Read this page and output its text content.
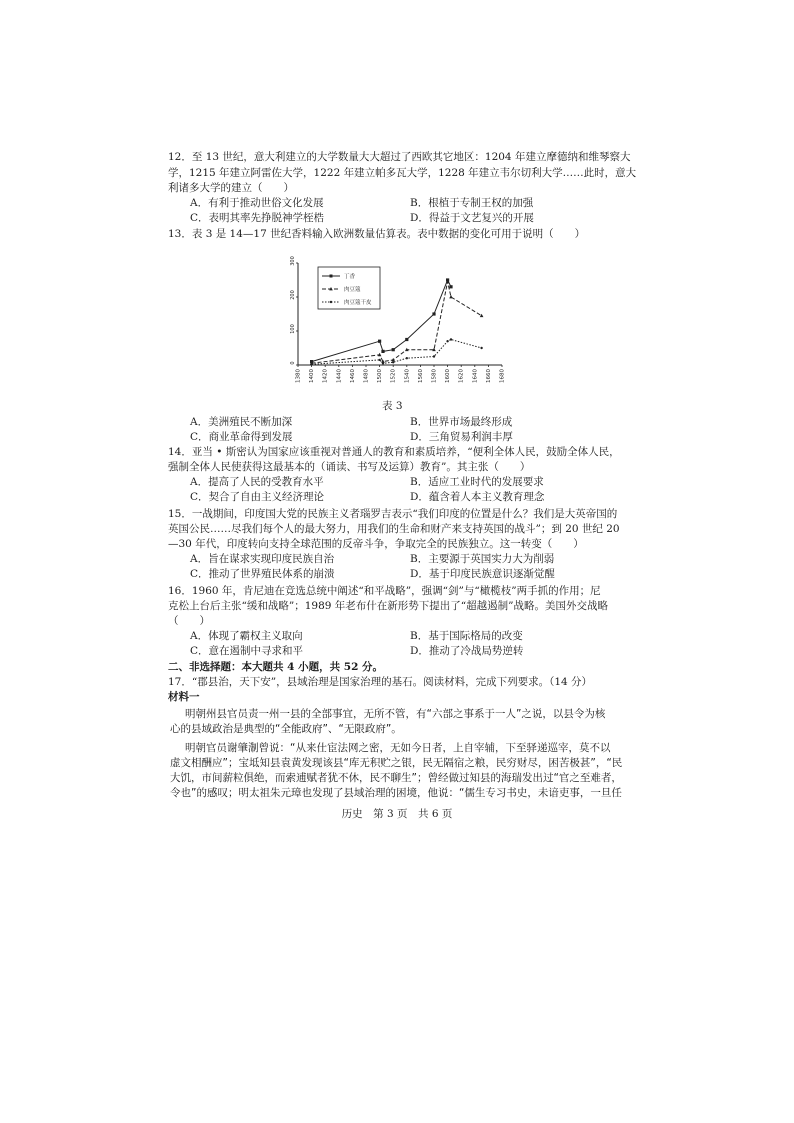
12．至 13 世纪，意大利建立的大学数量大大超过了西欧其它地区：1204 年建立摩德纳和维琴察大
学，1215 年建立阿雷佐大学，1222 年建立帕多瓦大学，1228 年建立韦尔切利大学……此时，意大
利诸多大学的建立（　　）
A．有利于推动世俗文化发展	B．根植于专制王权的加强
C．表明其率先挣脱神学桎梏	D．得益于文艺复兴的开展
13．表 3 是 14—17 世纪香料输入欧洲数量估算表。表中数据的变化可用于说明（　　）
0
100
200
300
1380 1400 1420 1440 1460 1480 1500 1520 1540 1560 1580 1600 1620 1640 1660 1680
丁香
肉豆蔻
肉豆蔻干皮
表 3
A．美洲殖民不断加深	B．世界市场最终形成
C．商业革命得到发展	D．三角贸易利润丰厚
14．亚当 • 斯密认为国家应该重视对普通人的教育和素质培养，“便利全体人民，鼓励全体人民，
强制全体人民使获得这最基本的（诵读、书写及运算）教育”。其主张（　　）
A．提高了人民的受教育水平	B．适应工业时代的发展要求
C．契合了自由主义经济理论	D．蕴含着人本主义教育理念
15．一战期间，印度国大党的民族主义者瑙罗吉表示“我们印度的位置是什么？我们是大英帝国的
英国公民……尽我们每个人的最大努力，用我们的生命和财产来支持英国的战斗”；到 20 世纪 20
—30 年代，印度转向支持全球范围的反帝斗争，争取完全的民族独立。这一转变（　　）
A．旨在谋求实现印度民族自治	B．主要源于英国实力大为削弱
C．推动了世界殖民体系的崩溃	D．基于印度民族意识逐渐觉醒
16．1960 年，肯尼迪在竞选总统中阐述“和平战略”，强调“剑”与“橄榄枝”两手抓的作用；尼
克松上台后主张“缓和战略”；1989 年老布什在新形势下提出了“超越遏制”战略。美国外交战略
（　　）
A．体现了霸权主义取向	B．基于国际格局的改变
C．意在遏制中寻求和平	D．推动了冷战局势逆转
二、非选择题：本大题共 4 小题，共 52 分。
17．“郡县治，天下安”，县域治理是国家治理的基石。阅读材料，完成下列要求。（14 分）
材料一
明朝州县官员责一州一县的全部事宜，无所不管，有“六部之事系于一人”之说，以县令为核
心的县域政治是典型的“全能政府”、“无限政府”。
明朝官员谢肇淛曾说：“从来仕宦法网之密，无如今日者，上自宰辅，下至驿递巡宰，莫不以
虚文相酬应”；宝坻知县袁黄发现该县“库无积贮之银，民无隔宿之粮，民穷财尽，困苦极甚”，“民
大饥，市间薪粒俱绝，而索逋赋者犹不休，民不聊生”；曾经做过知县的海瑞发出过“官之至难者，
令也”的感叹；明太祖朱元璋也发现了县域治理的困境，他说：“儒生专习书史，未谙吏事，一旦任
历史　第 3 页　共 6 页
